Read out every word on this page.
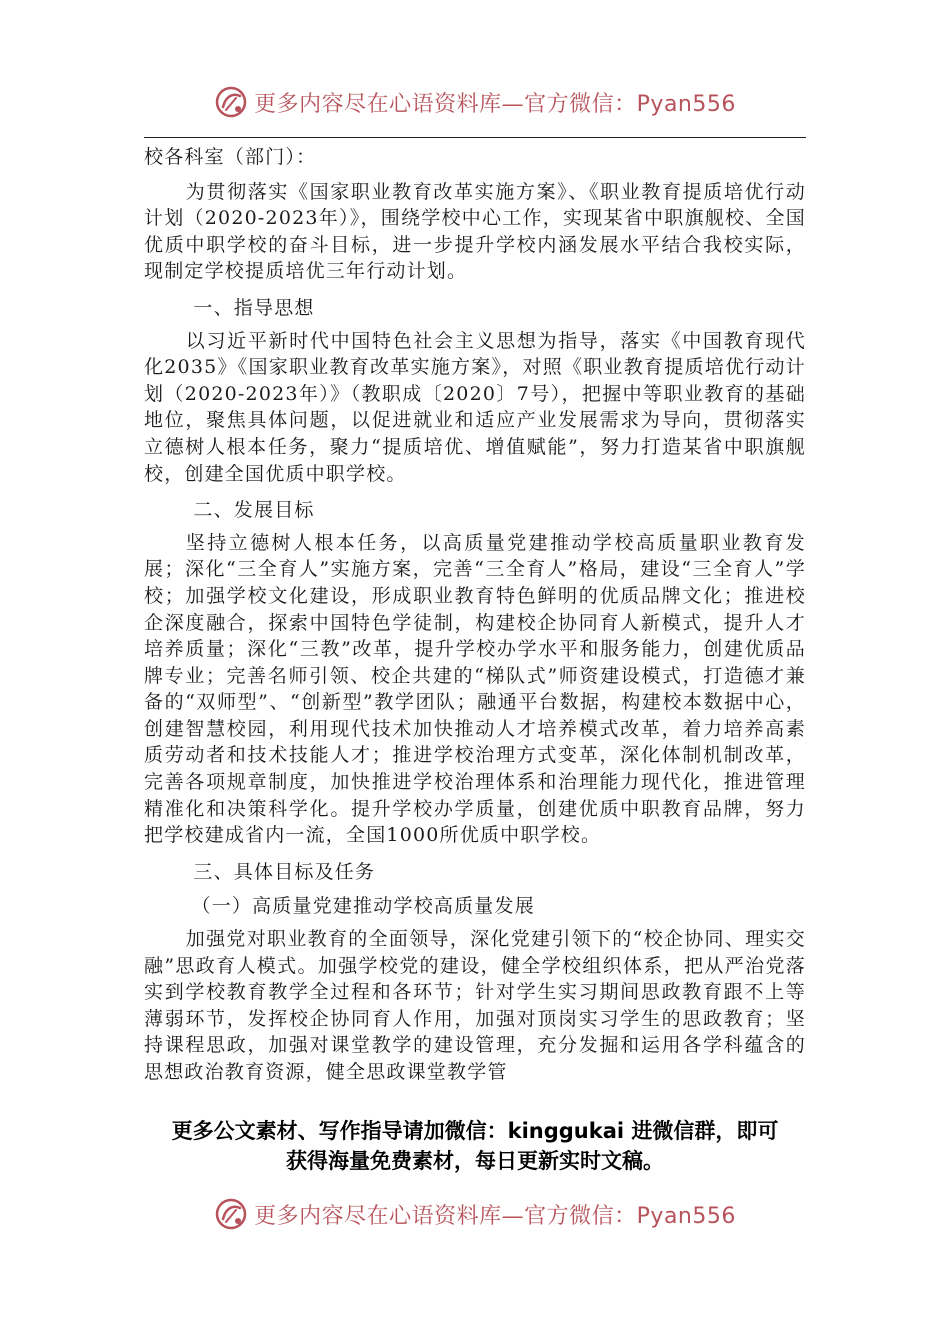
更多内容尽在心语资料库—官方微信：Pyan556

校各科室（部门）：

为贯彻落实《国家职业教育改革实施方案》、《职业教育提质培优行动计划（2020-2023年）》，围绕学校中心工作，实现某省中职旗舰校、全国优质中职学校的奋斗目标，进一步提升学校内涵发展水平结合我校实际，现制定学校提质培优三年行动计划。

一、指导思想

以习近平新时代中国特色社会主义思想为指导，落实《中国教育现代化2035》《国家职业教育改革实施方案》，对照《职业教育提质培优行动计划（2020-2023年）》（教职成〔2020〕7号），把握中等职业教育的基础地位，聚焦具体问题，以促进就业和适应产业发展需求为导向，贯彻落实立德树人根本任务，聚力“提质培优、增值赋能”，努力打造某省中职旗舰校，创建全国优质中职学校。

二、发展目标

坚持立德树人根本任务，以高质量党建推动学校高质量职业教育发展；深化“三全育人”实施方案，完善“三全育人”格局，建设“三全育人”学校；加强学校文化建设，形成职业教育特色鲜明的优质品牌文化；推进校企深度融合，探索中国特色学徒制，构建校企协同育人新模式，提升人才培养质量；深化“三教”改革，提升学校办学水平和服务能力，创建优质品牌专业；完善名师引领、校企共建的“梯队式”师资建设模式，打造德才兼备的“双师型”、“创新型”教学团队；融通平台数据，构建校本数据中心，创建智慧校园，利用现代技术加快推动人才培养模式改革，着力培养高素质劳动者和技术技能人才；推进学校治理方式变革，深化体制机制改革，完善各项规章制度，加快推进学校治理体系和治理能力现代化，推进管理精准化和决策科学化。提升学校办学质量，创建优质中职教育品牌，努力把学校建成省内一流，全国1000所优质中职学校。

三、具体目标及任务

（一）高质量党建推动学校高质量发展

加强党对职业教育的全面领导，深化党建引领下的“校企协同、理实交融”思政育人模式。加强学校党的建设，健全学校组织体系，把从严治党落实到学校教育教学全过程和各环节；针对学生实习期间思政教育跟不上等薄弱环节，发挥校企协同育人作用，加强对顶岗实习学生的思政教育；坚持课程思政，加强对课堂教学的建设管理，充分发掘和运用各学科蕴含的思想政治教育资源，健全思政课堂教学管

更多公文素材、写作指导请加微信：kinggukai 进微信群，即可
获得海量免费素材，每日更新实时文稿。
更多内容尽在心语资料库—官方微信：Pyan556
